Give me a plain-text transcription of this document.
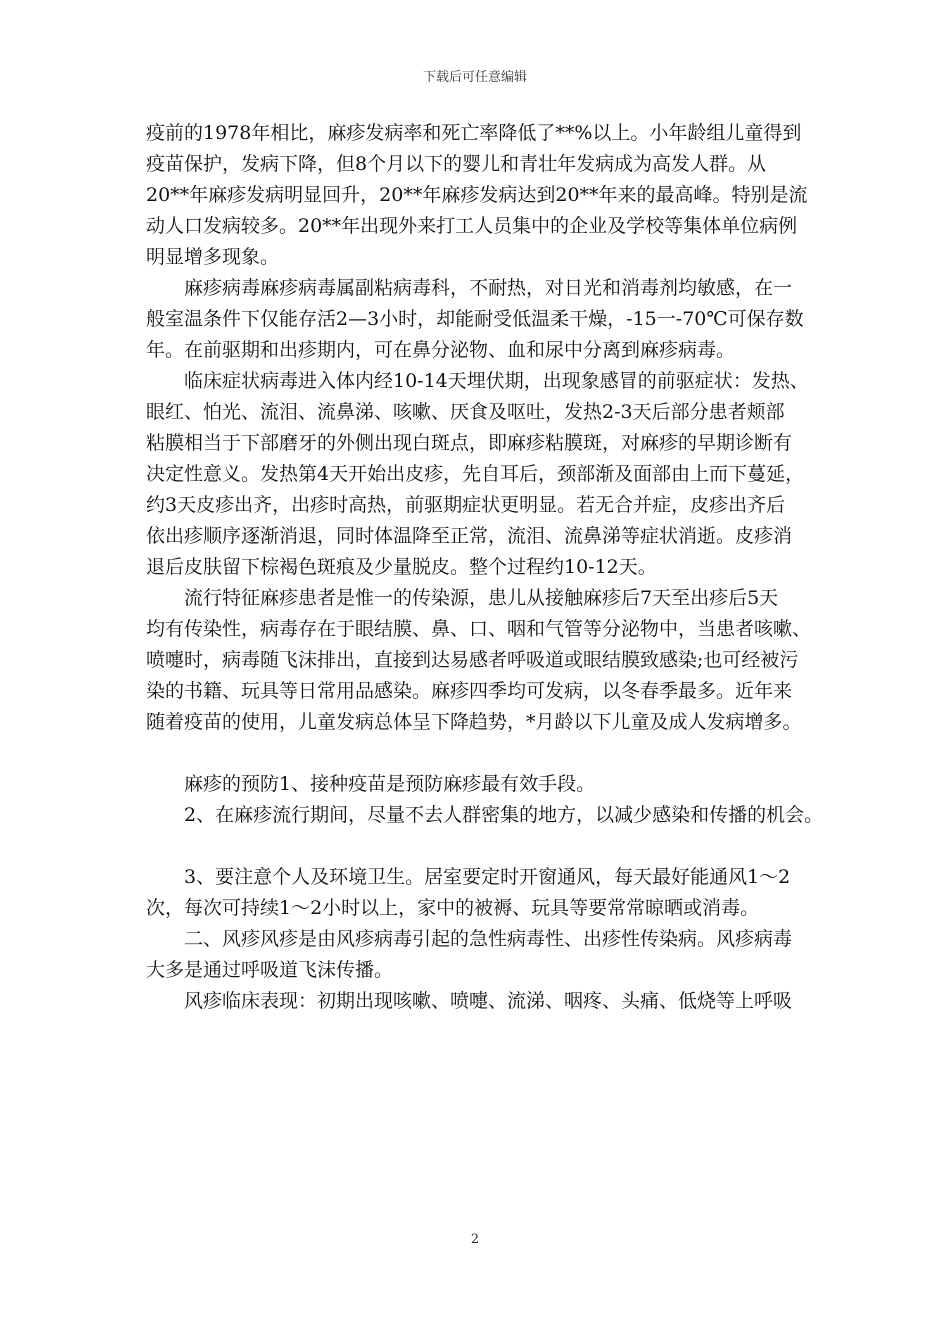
下载后可任意编辑
疫前的1978年相比，麻疹发病率和死亡率降低了**%以上。小年龄组儿童得到
疫苗保护，发病下降，但8个月以下的婴儿和青壮年发病成为高发人群。从
20**年麻疹发病明显回升，20**年麻疹发病达到20**年来的最高峰。特别是流
动人口发病较多。20**年出现外来打工人员集中的企业及学校等集体单位病例
明显增多现象。
　　麻疹病毒麻疹病毒属副粘病毒科，不耐热，对日光和消毒剂均敏感，在一
般室温条件下仅能存活2—3小时，却能耐受低温柔干燥，-15一-70℃可保存数
年。在前驱期和出疹期内，可在鼻分泌物、血和尿中分离到麻疹病毒。
　　临床症状病毒进入体内经10-14天埋伏期，出现象感冒的前驱症状：发热、
眼红、怕光、流泪、流鼻涕、咳嗽、厌食及呕吐，发热2-3天后部分患者颊部
粘膜相当于下部磨牙的外侧出现白斑点，即麻疹粘膜斑，对麻疹的早期诊断有
决定性意义。发热第4天开始出皮疹，先自耳后，颈部渐及面部由上而下蔓延，
约3天皮疹出齐，出疹时高热，前驱期症状更明显。若无合并症，皮疹出齐后
依出疹顺序逐渐消退，同时体温降至正常，流泪、流鼻涕等症状消逝。皮疹消
退后皮肤留下棕褐色斑痕及少量脱皮。整个过程约10-12天。
　　流行特征麻疹患者是惟一的传染源，患儿从接触麻疹后7天至出疹后5天
均有传染性，病毒存在于眼结膜、鼻、口、咽和气管等分泌物中，当患者咳嗽、
喷嚏时，病毒随飞沫排出，直接到达易感者呼吸道或眼结膜致感染;也可经被污
染的书籍、玩具等日常用品感染。麻疹四季均可发病，以冬春季最多。近年来
随着疫苗的使用，儿童发病总体呈下降趋势，*月龄以下儿童及成人发病增多。
　　麻疹的预防1、接种疫苗是预防麻疹最有效手段。
　　2、在麻疹流行期间，尽量不去人群密集的地方，以减少感染和传播的机会。
　　3、要注意个人及环境卫生。居室要定时开窗通风，每天最好能通风1～2
次，每次可持续1～2小时以上，家中的被褥、玩具等要常常晾晒或消毒。
　　二、风疹风疹是由风疹病毒引起的急性病毒性、出疹性传染病。风疹病毒
大多是通过呼吸道飞沫传播。
　　风疹临床表现：初期出现咳嗽、喷嚏、流涕、咽疼、头痛、低烧等上呼吸
2
